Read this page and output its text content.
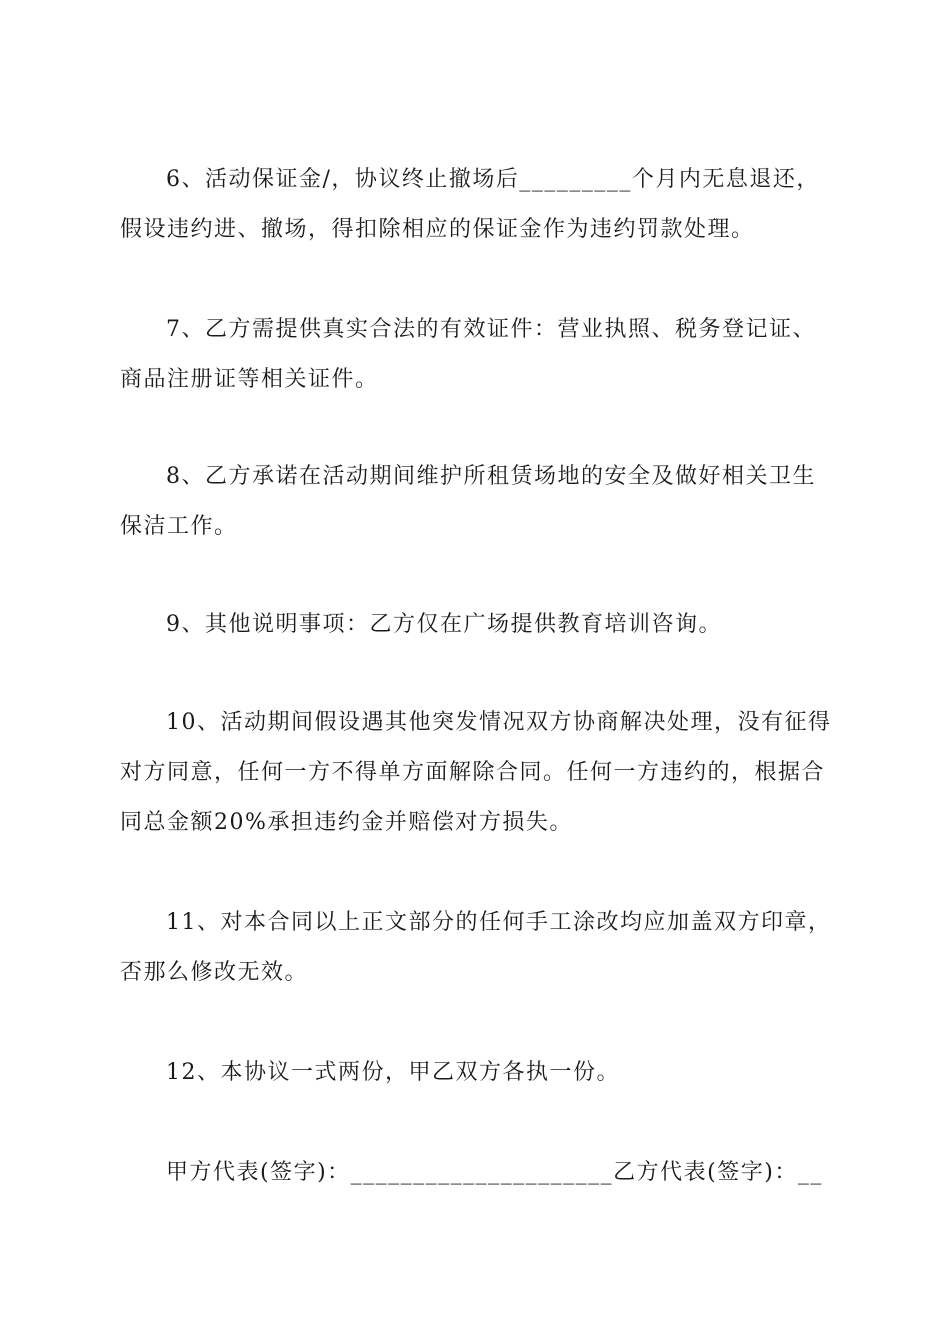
6、活动保证金/，协议终止撤场后_________个月内无息退还，假设违约进、撤场，得扣除相应的保证金作为违约罚款处理。

7、乙方需提供真实合法的有效证件：营业执照、税务登记证、商品注册证等相关证件。

8、乙方承诺在活动期间维护所租赁场地的安全及做好相关卫生保洁工作。

9、其他说明事项：乙方仅在广场提供教育培训咨询。

10、活动期间假设遇其他突发情况双方协商解决处理，没有征得对方同意，任何一方不得单方面解除合同。任何一方违约的，根据合同总金额20%承担违约金并赔偿对方损失。

11、对本合同以上正文部分的任何手工涂改均应加盖双方印章，否那么修改无效。

12、本协议一式两份，甲乙双方各执一份。

甲方代表(签字)：_____________________乙方代表(签字)：__
